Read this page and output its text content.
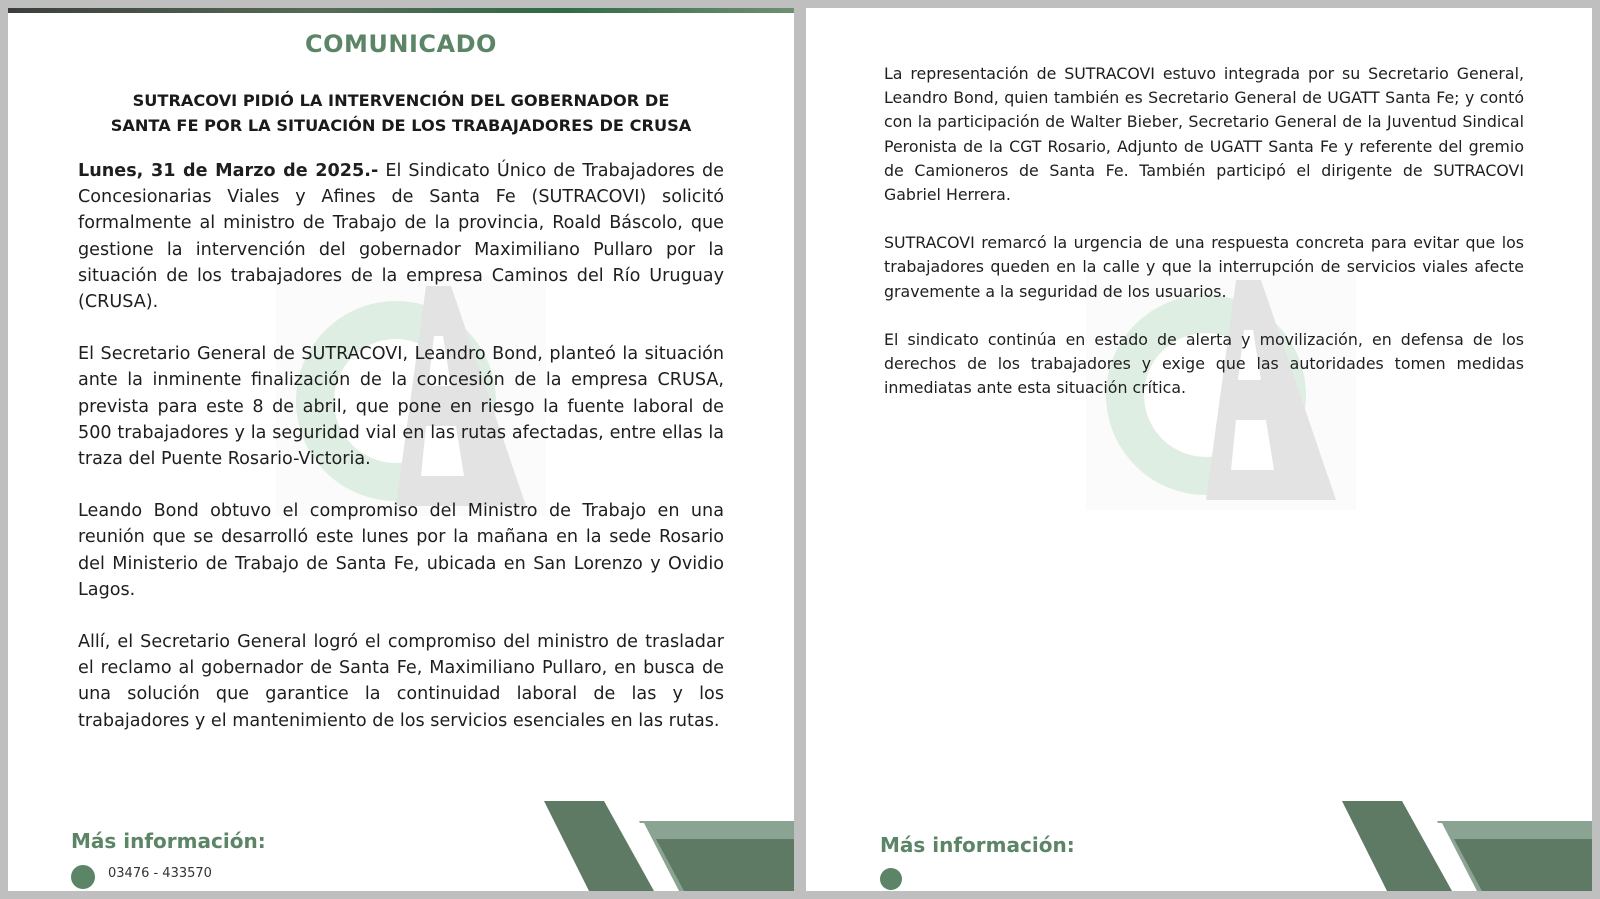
COMUNICADO
SUTRACOVI PIDIÓ LA INTERVENCIÓN DEL GOBERNADOR DE
SANTA FE POR LA SITUACIÓN DE LOS TRABAJADORES DE CRUSA

Lunes, 31 de Marzo de 2025.- El Sindicato Único de Trabajadores de Concesionarias Viales y Afines de Santa Fe (SUTRACOVI) solicitó formalmente al ministro de Trabajo de la provincia, Roald Báscolo, que gestione la intervención del gobernador Maximiliano Pullaro por la situación de los trabajadores de la empresa Caminos del Río Uruguay (CRUSA).

El Secretario General de SUTRACOVI, Leandro Bond, planteó la situación ante la inminente finalización de la concesión de la empresa CRUSA, prevista para este 8 de abril, que pone en riesgo la fuente laboral de 500 trabajadores y la seguridad vial en las rutas afectadas, entre ellas la traza del Puente Rosario-Victoria.

Leando Bond obtuvo el compromiso del Ministro de Trabajo en una reunión que se desarrolló este lunes por la mañana en la sede Rosario del Ministerio de Trabajo de Santa Fe, ubicada en San Lorenzo y Ovidio Lagos.

Allí, el Secretario General logró el compromiso del ministro de trasladar el reclamo al gobernador de Santa Fe, Maximiliano Pullaro, en busca de una solución que garantice la continuidad laboral de las y los trabajadores y el mantenimiento de los servicios esenciales en las rutas.

Más información:
03476 - 433570

La representación de SUTRACOVI estuvo integrada por su Secretario General, Leandro Bond, quien también es Secretario General de UGATT Santa Fe; y contó con la participación de Walter Bieber, Secretario General de la Juventud Sindical Peronista de la CGT Rosario, Adjunto de UGATT Santa Fe y referente del gremio de Camioneros de Santa Fe. También participó el dirigente de SUTRACOVI Gabriel Herrera.

SUTRACOVI remarcó la urgencia de una respuesta concreta para evitar que los trabajadores queden en la calle y que la interrupción de servicios viales afecte gravemente a la seguridad de los usuarios.

El sindicato continúa en estado de alerta y movilización, en defensa de los derechos de los trabajadores y exige que las autoridades tomen medidas inmediatas ante esta situación crítica.

Más información:
